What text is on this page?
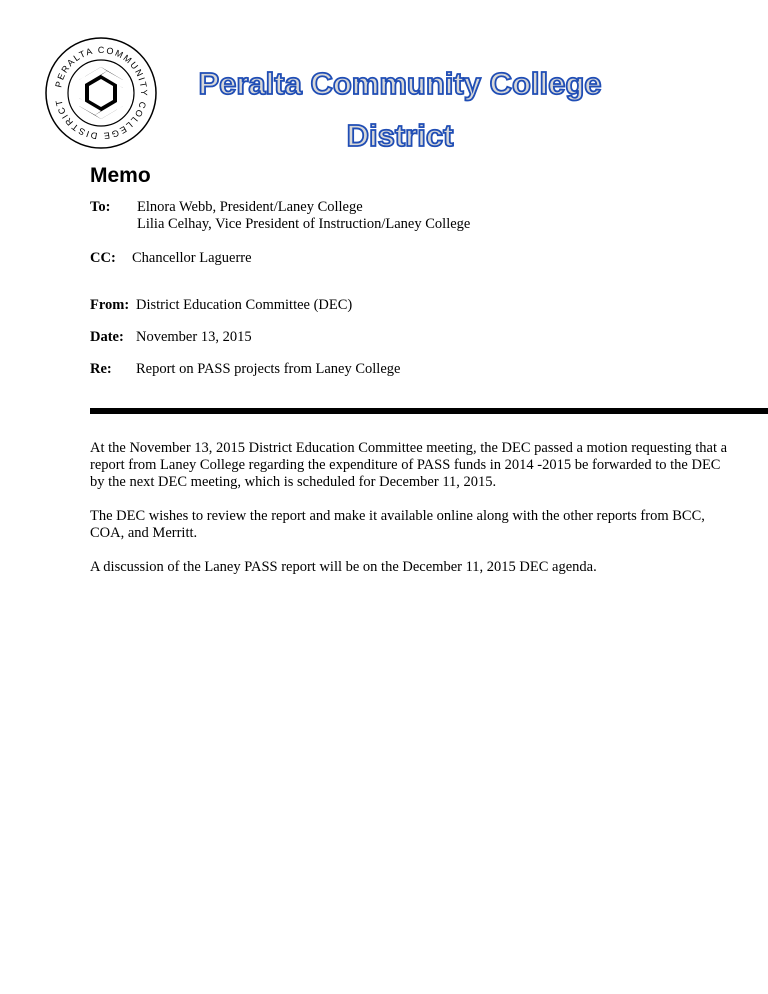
PERALTA COMMUNITY COLLEGE DISTRICT
Peralta Community College
District
Memo
To: Elnora Webb, President/Laney College
Lilia Celhay, Vice President of Instruction/Laney College
CC: Chancellor Laguerre
From: District Education Committee (DEC)
Date: November 13, 2015
Re: Report on PASS projects from Laney College

At the November 13, 2015 District Education Committee meeting, the DEC passed a motion requesting that a report from Laney College regarding the expenditure of PASS funds in 2014 -2015 be forwarded to the DEC by the next DEC meeting, which is scheduled for December 11, 2015.

The DEC wishes to review the report and make it available online along with the other reports from BCC, COA, and Merritt.

A discussion of the Laney PASS report will be on the December 11, 2015 DEC agenda.
